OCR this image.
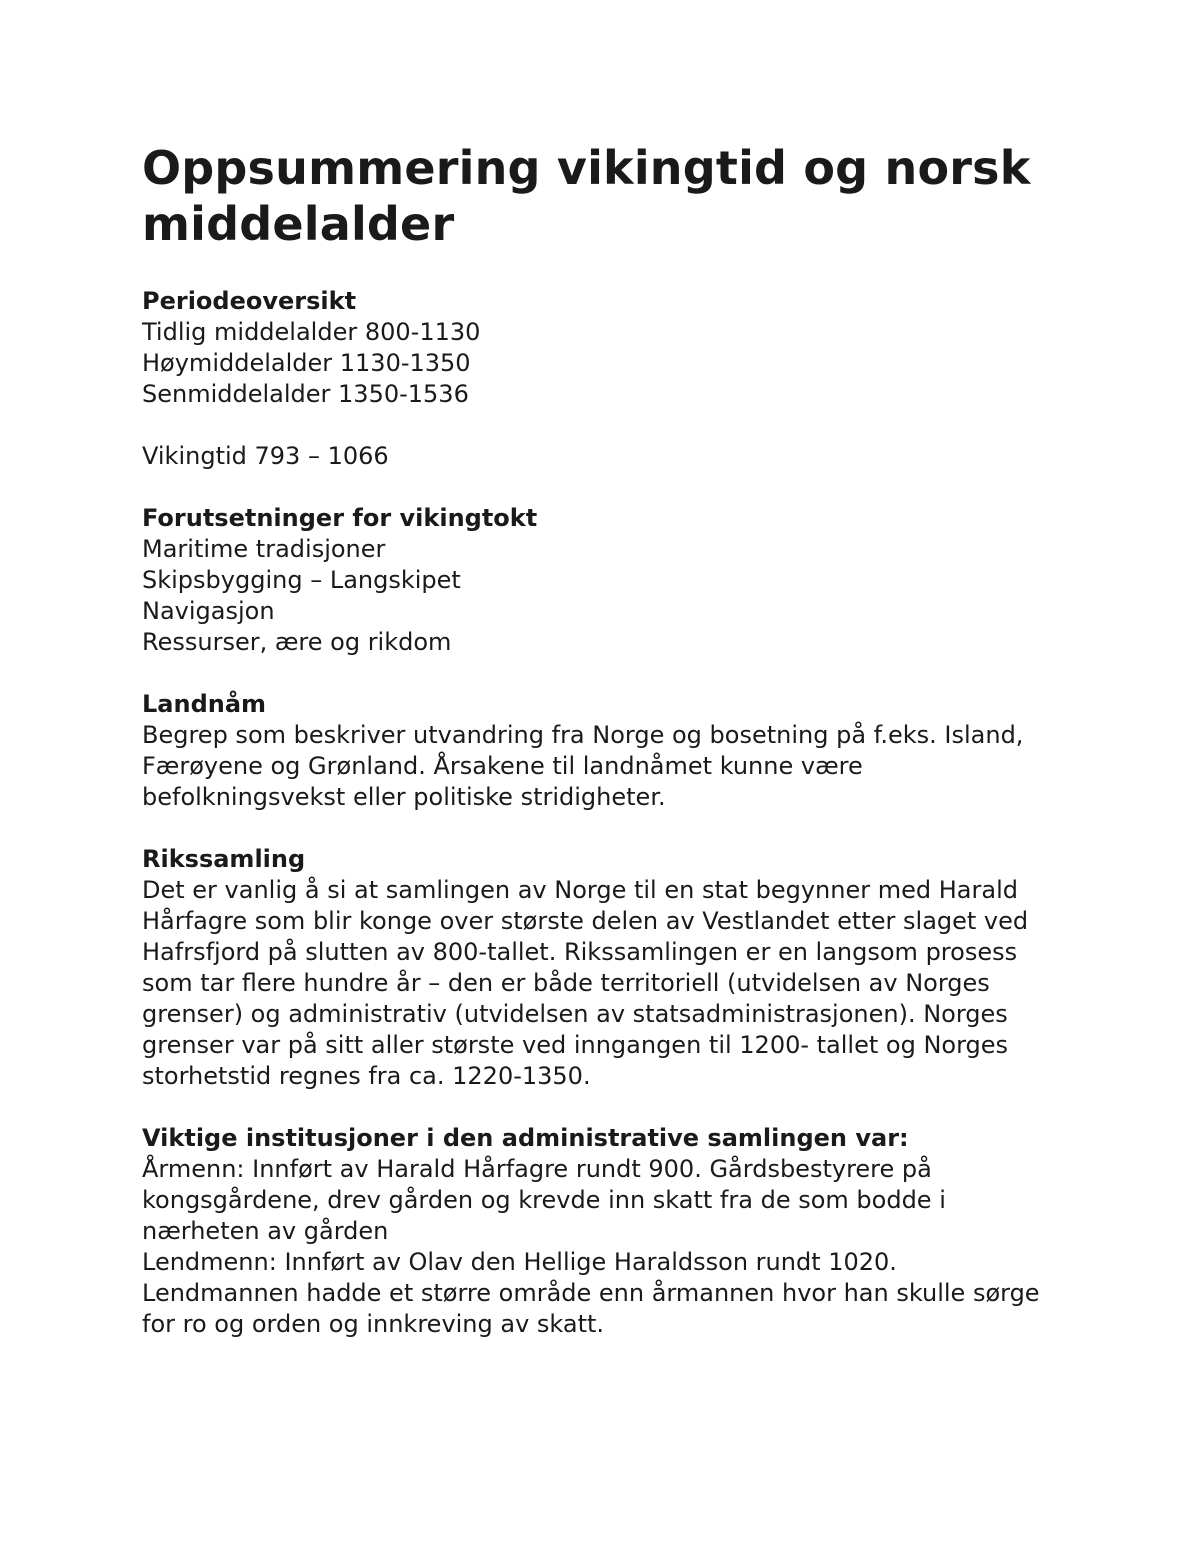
Oppsummering vikingtid og norsk middelalder

Periodeoversikt

Tidlig middelalder 800-1130

Høymiddelalder 1130-1350

Senmiddelalder 1350-1536

Vikingtid 793 – 1066

Forutsetninger for vikingtokt

Maritime tradisjoner

Skipsbygging – Langskipet

Navigasjon

Ressurser, ære og rikdom

Landnåm

Begrep som beskriver utvandring fra Norge og bosetning på f.eks. Island, Færøyene og Grønland. Årsakene til landnåmet kunne være befolkningsvekst eller politiske stridigheter.

Rikssamling

Det er vanlig å si at samlingen av Norge til en stat begynner med Harald Hårfagre som blir konge over største delen av Vestlandet etter slaget ved Hafrsfjord på slutten av 800-tallet. Rikssamlingen er en langsom prosess som tar flere hundre år – den er både territoriell (utvidelsen av Norges grenser) og administrativ (utvidelsen av statsadministrasjonen). Norges grenser var på sitt aller største ved inngangen til 1200- tallet og Norges storhetstid regnes fra ca. 1220-1350.

Viktige institusjoner i den administrative samlingen var:

Årmenn: Innført av Harald Hårfagre rundt 900. Gårdsbestyrere på kongsgårdene, drev gården og krevde inn skatt fra de som bodde i nærheten av gården

Lendmenn: Innført av Olav den Hellige Haraldsson rundt 1020. Lendmannen hadde et større område enn årmannen hvor han skulle sørge for ro og orden og innkreving av skatt.
